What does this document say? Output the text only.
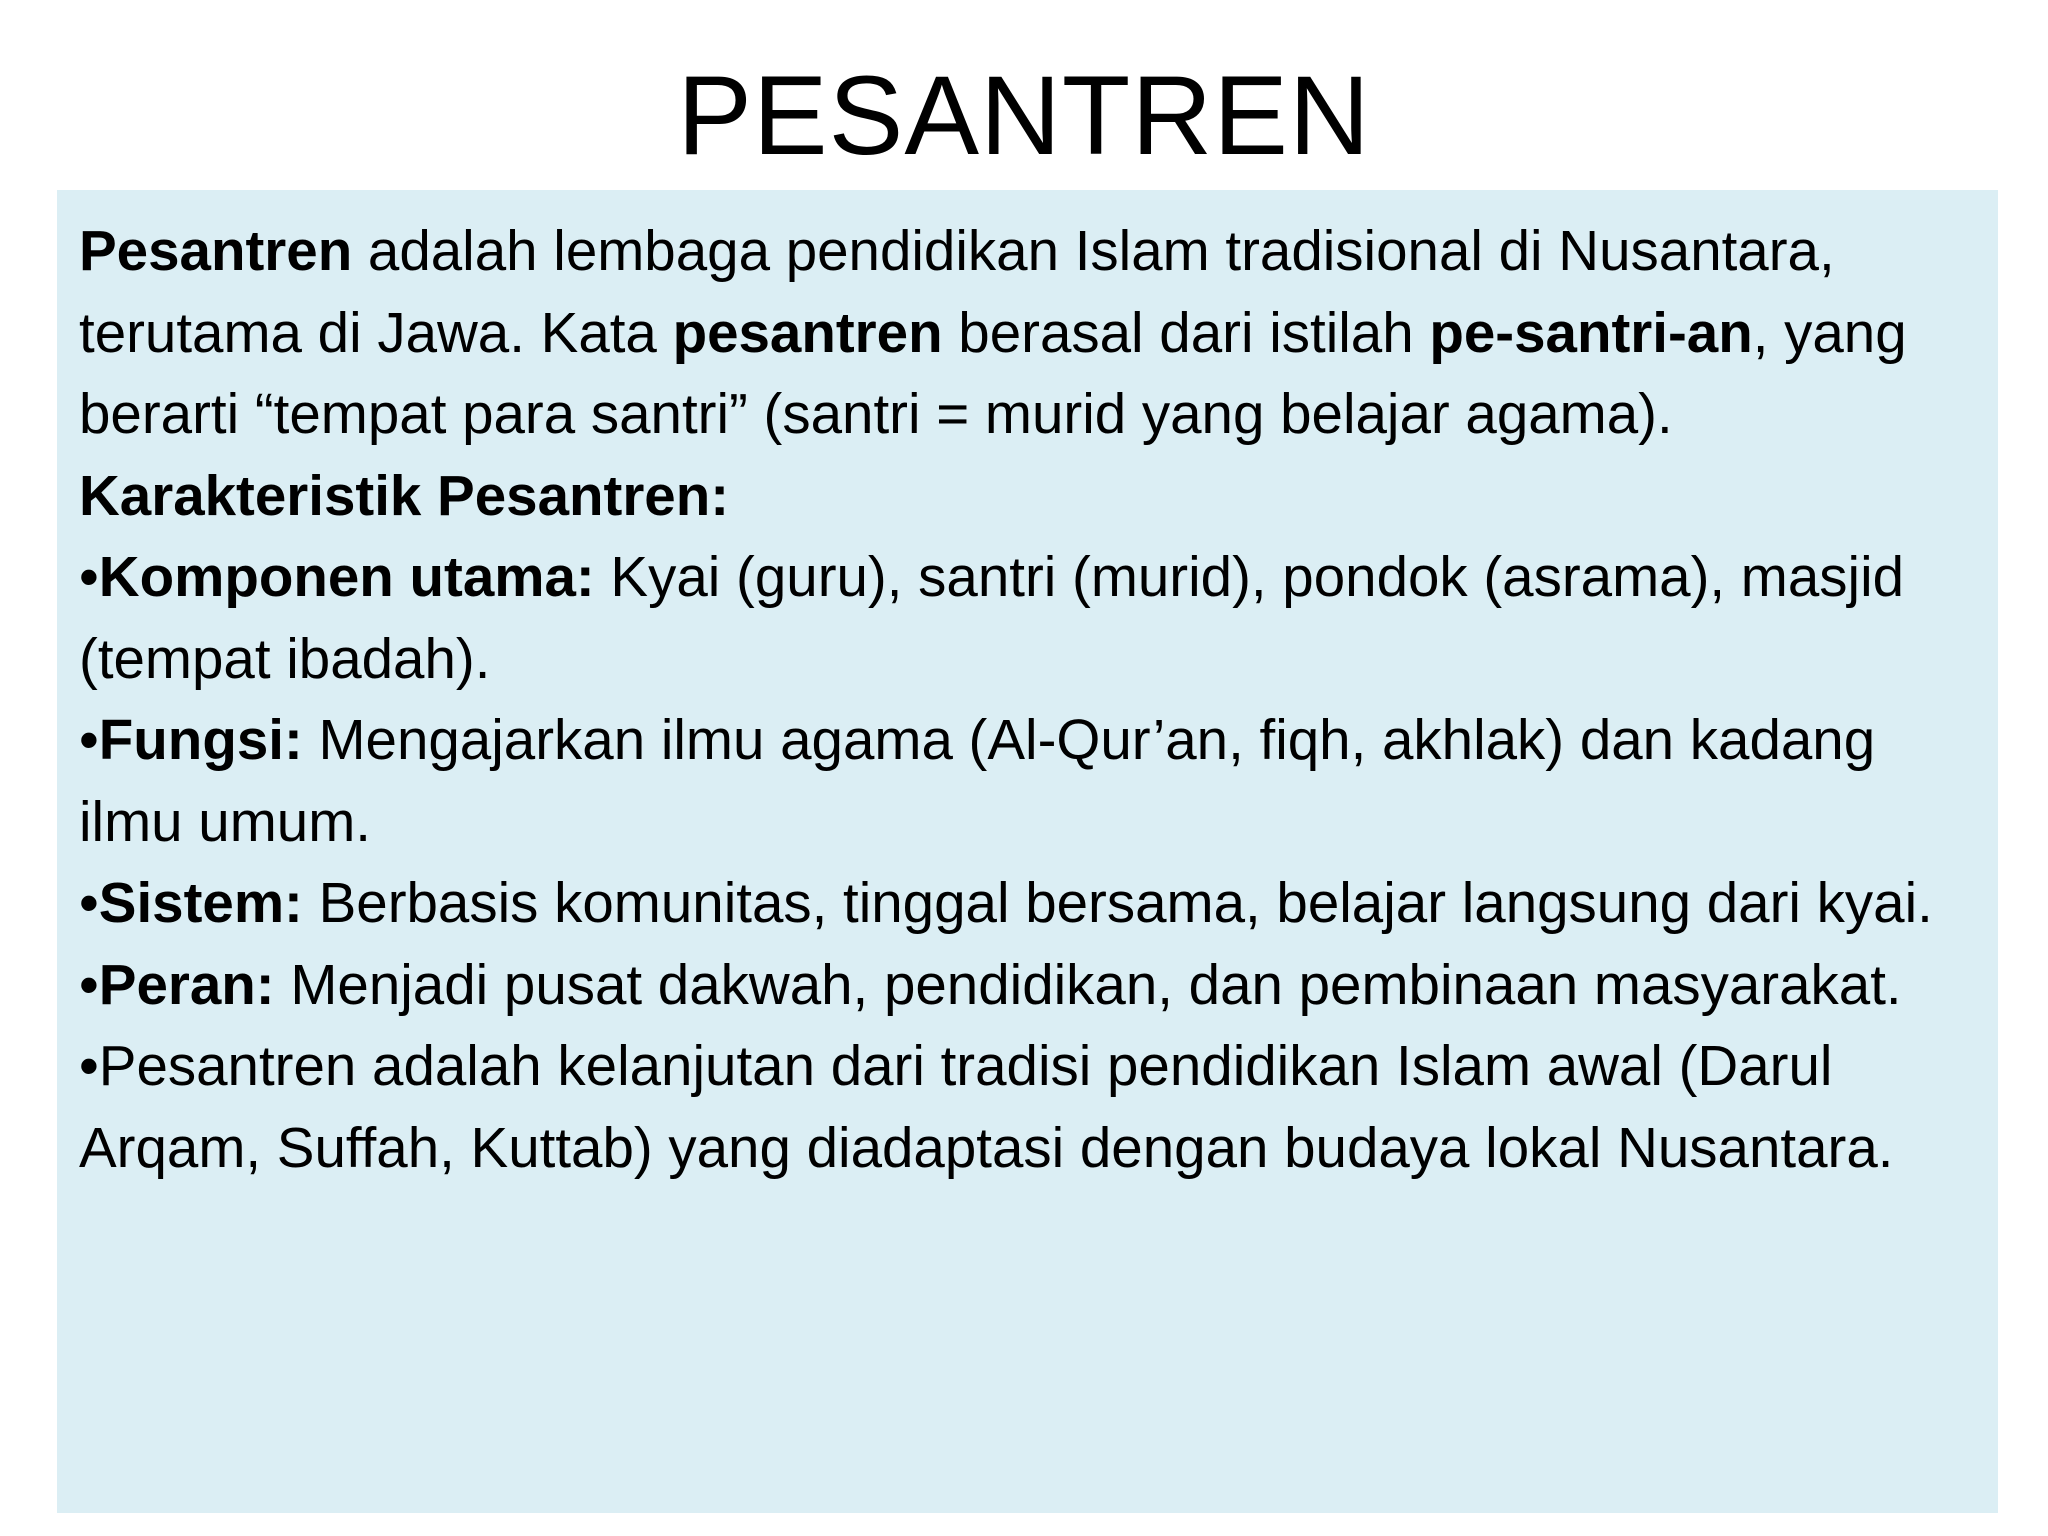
PESANTREN

Pesantren adalah lembaga pendidikan Islam tradisional di Nusantara, terutama di Jawa. Kata pesantren berasal dari istilah pe-santri-an, yang berarti “tempat para santri” (santri = murid yang belajar agama).

Karakteristik Pesantren:

•Komponen utama: Kyai (guru), santri (murid), pondok (asrama), masjid (tempat ibadah).

•Fungsi: Mengajarkan ilmu agama (Al-Qur’an, fiqh, akhlak) dan kadang ilmu umum.

•Sistem: Berbasis komunitas, tinggal bersama, belajar langsung dari kyai.

•Peran: Menjadi pusat dakwah, pendidikan, dan pembinaan masyarakat.

•Pesantren adalah kelanjutan dari tradisi pendidikan Islam awal (Darul Arqam, Suffah, Kuttab) yang diadaptasi dengan budaya lokal Nusantara.
